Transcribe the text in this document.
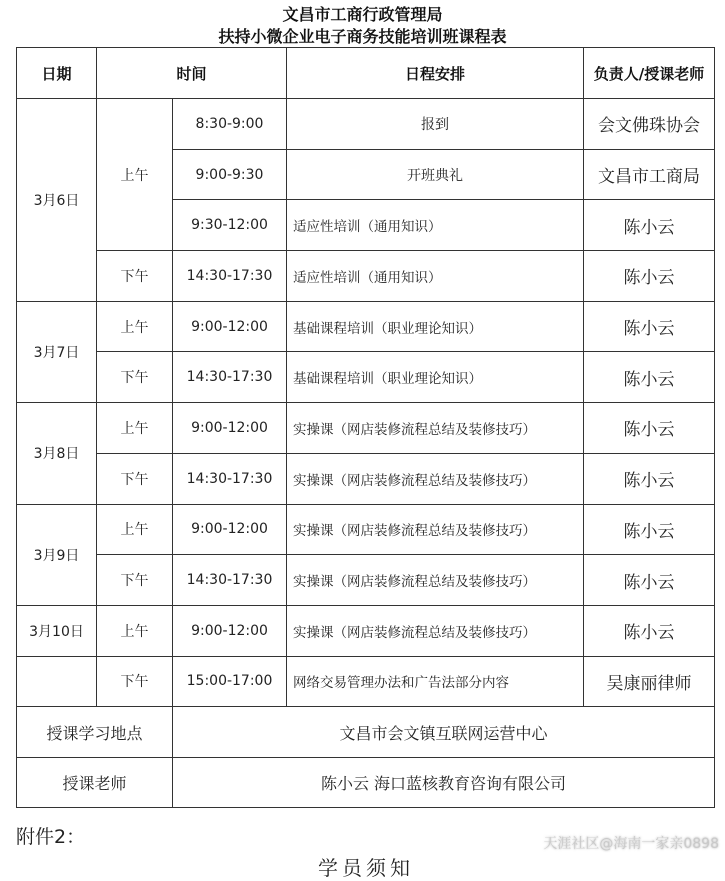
文昌市工商行政管理局
扶持小微企业电子商务技能培训班课程表
日期	时间		日程安排	负责人/授课老师
3月6日	上午	8:30-9:00	报到	会文佛珠协会
		9:00-9:30	开班典礼	文昌市工商局
		9:30-12:00	适应性培训（通用知识）	陈小云
	下午	14:30-17:30	适应性培训（通用知识）	陈小云
3月7日	上午	9:00-12:00	基础课程培训（职业理论知识）	陈小云
	下午	14:30-17:30	基础课程培训（职业理论知识）	陈小云
3月8日	上午	9:00-12:00	实操课（网店装修流程总结及装修技巧）	陈小云
	下午	14:30-17:30	实操课（网店装修流程总结及装修技巧）	陈小云
3月9日	上午	9:00-12:00	实操课（网店装修流程总结及装修技巧）	陈小云
	下午	14:30-17:30	实操课（网店装修流程总结及装修技巧）	陈小云
3月10日	上午	9:00-12:00	实操课（网店装修流程总结及装修技巧）	陈小云
	下午	15:00-17:00	网络交易管理办法和广告法部分内容	吴康丽律师
授课学习地点		文昌市会文镇互联网运营中心		
授课老师		陈小云 海口蓝核教育咨询有限公司		
附件2：
学员须知
天涯社区@海南一家亲0898
